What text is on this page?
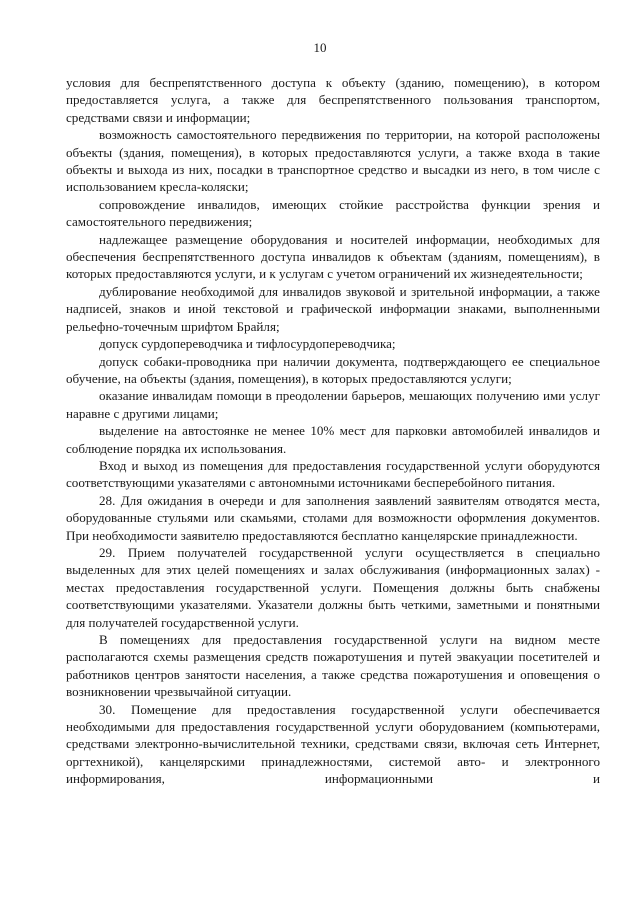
10

условия для беспрепятственного доступа к объекту (зданию, помещению), в котором предоставляется услуга, а также для беспрепятственного пользования транспортом, средствами связи и информации;

возможность самостоятельного передвижения по территории, на которой расположены объекты (здания, помещения), в которых предоставляются услуги, а также входа в такие объекты и выхода из них, посадки в транспортное средство и высадки из него, в том числе с использованием кресла-коляски;

сопровождение инвалидов, имеющих стойкие расстройства функции зрения и самостоятельного передвижения;

надлежащее размещение оборудования и носителей информации, необходимых для обеспечения беспрепятственного доступа инвалидов к объектам (зданиям, помещениям), в которых предоставляются услуги, и к услугам с учетом ограничений их жизнедеятельности;

дублирование необходимой для инвалидов звуковой и зрительной информации, а также надписей, знаков и иной текстовой и графической информации знаками, выполненными рельефно-точечным шрифтом Брайля;

допуск сурдопереводчика и тифлосурдопереводчика;

допуск собаки-проводника при наличии документа, подтверждающего ее специальное обучение, на объекты (здания, помещения), в которых предоставляются услуги;

оказание инвалидам помощи в преодолении барьеров, мешающих получению ими услуг наравне с другими лицами;

выделение на автостоянке не менее 10% мест для парковки автомобилей инвалидов и соблюдение порядка их использования.

Вход и выход из помещения для предоставления государственной услуги оборудуются соответствующими указателями с автономными источниками бесперебойного питания.

28. Для ожидания в очереди и для заполнения заявлений заявителям отводятся места, оборудованные стульями или скамьями, столами для возможности оформления документов. При необходимости заявителю предоставляются бесплатно канцелярские принадлежности.

29. Прием получателей государственной услуги осуществляется в специально выделенных для этих целей помещениях и залах обслуживания (информационных залах) - местах предоставления государственной услуги. Помещения должны быть снабжены соответствующими указателями. Указатели должны быть четкими, заметными и понятными для получателей государственной услуги.

В помещениях для предоставления государственной услуги на видном месте располагаются схемы размещения средств пожаротушения и путей эвакуации посетителей и работников центров занятости населения, а также средства пожаротушения и оповещения о возникновении чрезвычайной ситуации.

30. Помещение для предоставления государственной услуги обеспечивается необходимыми для предоставления государственной услуги оборудованием (компьютерами, средствами электронно-вычислительной техники, средствами связи, включая сеть Интернет, оргтехникой), канцелярскими принадлежностями, системой авто- и электронного информирования, информационными и
